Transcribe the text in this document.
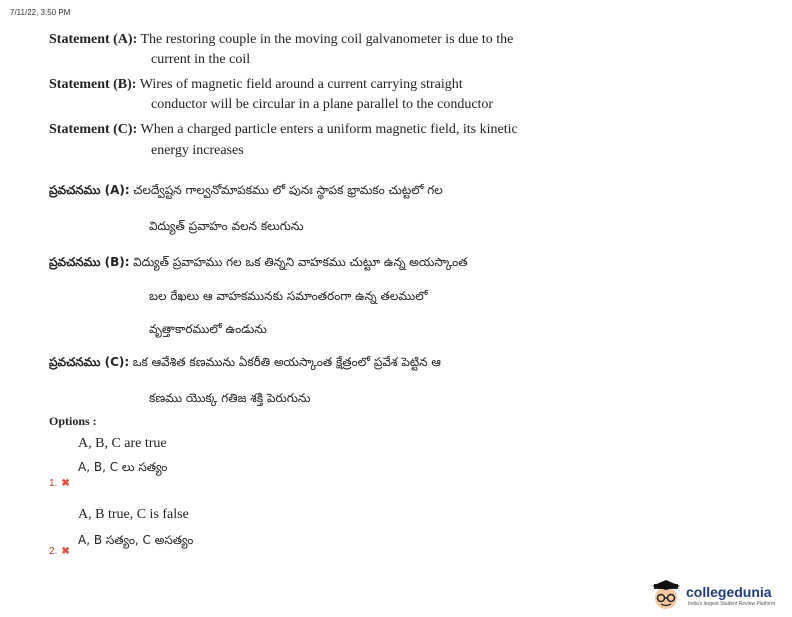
7/11/22, 3:50 PM
Statement (A): The restoring couple in the moving coil galvanometer is due to the
current in the coil
Statement (B): Wires of magnetic field around a current carrying straight
conductor will be circular in a plane parallel to the conductor
Statement (C): When a charged particle enters a uniform magnetic field, its kinetic
energy increases
ప్రవచనము (A): చలద్వేష్టన గాల్వనోమాపకము లో పునః స్థాపక భ్రామకం చుట్టలో గల
విద్యుత్ ప్రవాహం వలన కలుగును
ప్రవచనము (B): విద్యుత్ ప్రవాహము గల ఒక తిన్నని వాహకము చుట్టూ ఉన్న అయస్కాంత
బల రేఖలు ఆ వాహకమునకు సమాంతరంగా ఉన్న తలములో
వృత్తాకారములో ఉండును
ప్రవచనము (C): ఒక ఆవేశిత కణమును ఏకరీతి అయస్కాంత క్షేత్రంలో ప్రవేశ పెట్టిన ఆ
కణము యొక్క గతిజ శక్తి పెరుగును
Options :
A, B, C are true
A, B, C లు సత్యం
1. ✖
A, B true, C is false
A, B సత్యం, C అసత్యం
2. ✖
collegedunia
India's largest Student Review Platform
